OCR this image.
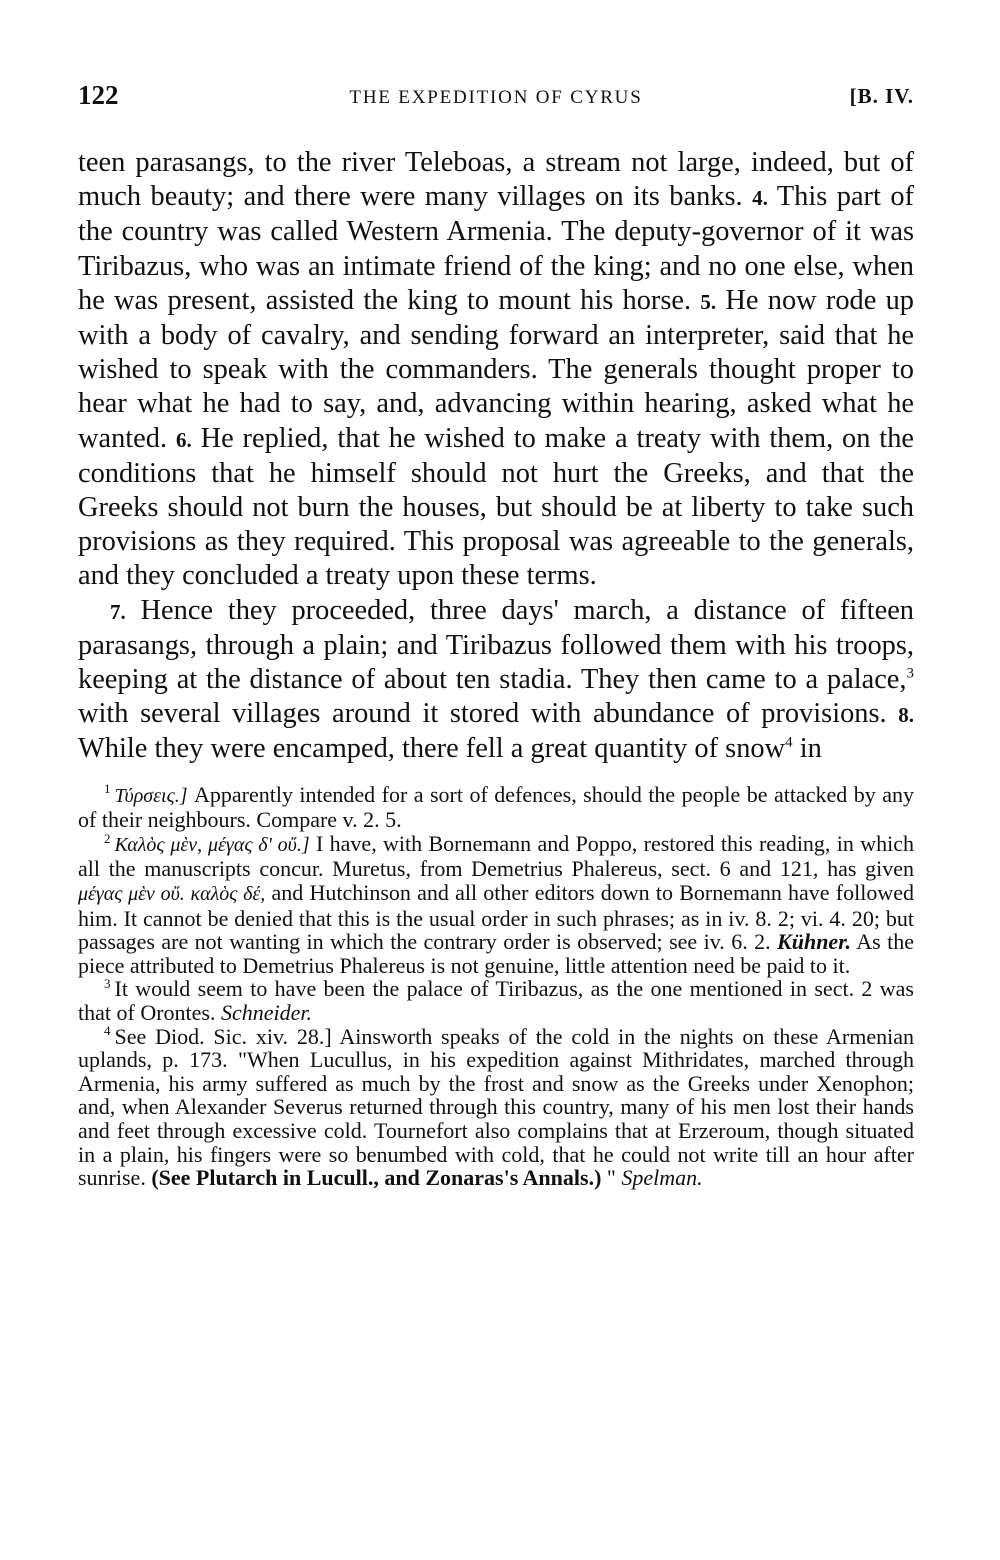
122	THE EXPEDITION OF CYRUS	[B. IV.

teen parasangs, to the river Teleboas, a stream not large, indeed, but of much beauty; and there were many villages on its banks. 4. This part of the country was called Western Armenia. The deputy-governor of it was Tiribazus, who was an intimate friend of the king; and no one else, when he was present, assisted the king to mount his horse. 5. He now rode up with a body of cavalry, and sending forward an interpreter, said that he wished to speak with the commanders. The generals thought proper to hear what he had to say, and, advancing within hearing, asked what he wanted. 6. He replied, that he wished to make a treaty with them, on the conditions that he himself should not hurt the Greeks, and that the Greeks should not burn the houses, but should be at liberty to take such provisions as they required. This proposal was agreeable to the generals, and they concluded a treaty upon these terms.

7. Hence they proceeded, three days' march, a distance of fifteen parasangs, through a plain; and Tiribazus followed them with his troops, keeping at the distance of about ten stadia. They then came to a palace,$^3$ with several villages around it stored with abundance of provisions. 8. While they were encamped, there fell a great quantity of snow$^4$ in

$^1$ Τύρσεις.] Apparently intended for a sort of defences, should the people be attacked by any of their neighbours. Compare v. 2. 5.

$^2$ Καλὸς μὲν, μέγας δ' οὔ.] I have, with Bornemann and Poppo, restored this reading, in which all the manuscripts concur. Muretus, from Demetrius Phalereus, sect. 6 and 121, has given μέγας μὲν οὔ. καλὸς δέ, and Hutchinson and all other editors down to Bornemann have followed him. It cannot be denied that this is the usual order in such phrases; as in iv. 8. 2; vi. 4. 20; but passages are not wanting in which the contrary order is observed; see iv. 6. 2. Kühner. As the piece attributed to Demetrius Phalereus is not genuine, little attention need be paid to it.

$^3$ It would seem to have been the palace of Tiribazus, as the one mentioned in sect. 2 was that of Orontes. Schneider.

$^4$ See Diod. Sic. xiv. 28.] Ainsworth speaks of the cold in the nights on these Armenian uplands, p. 173. "When Lucullus, in his expedition against Mithridates, marched through Armenia, his army suffered as much by the frost and snow as the Greeks under Xenophon; and, when Alexander Severus returned through this country, many of his men lost their hands and feet through excessive cold. Tournefort also complains that at Erzeroum, though situated in a plain, his fingers were so benumbed with cold, that he could not write till an hour after sunrise. (See Plutarch in Lucull., and Zonaras's Annals.) " Spelman.
